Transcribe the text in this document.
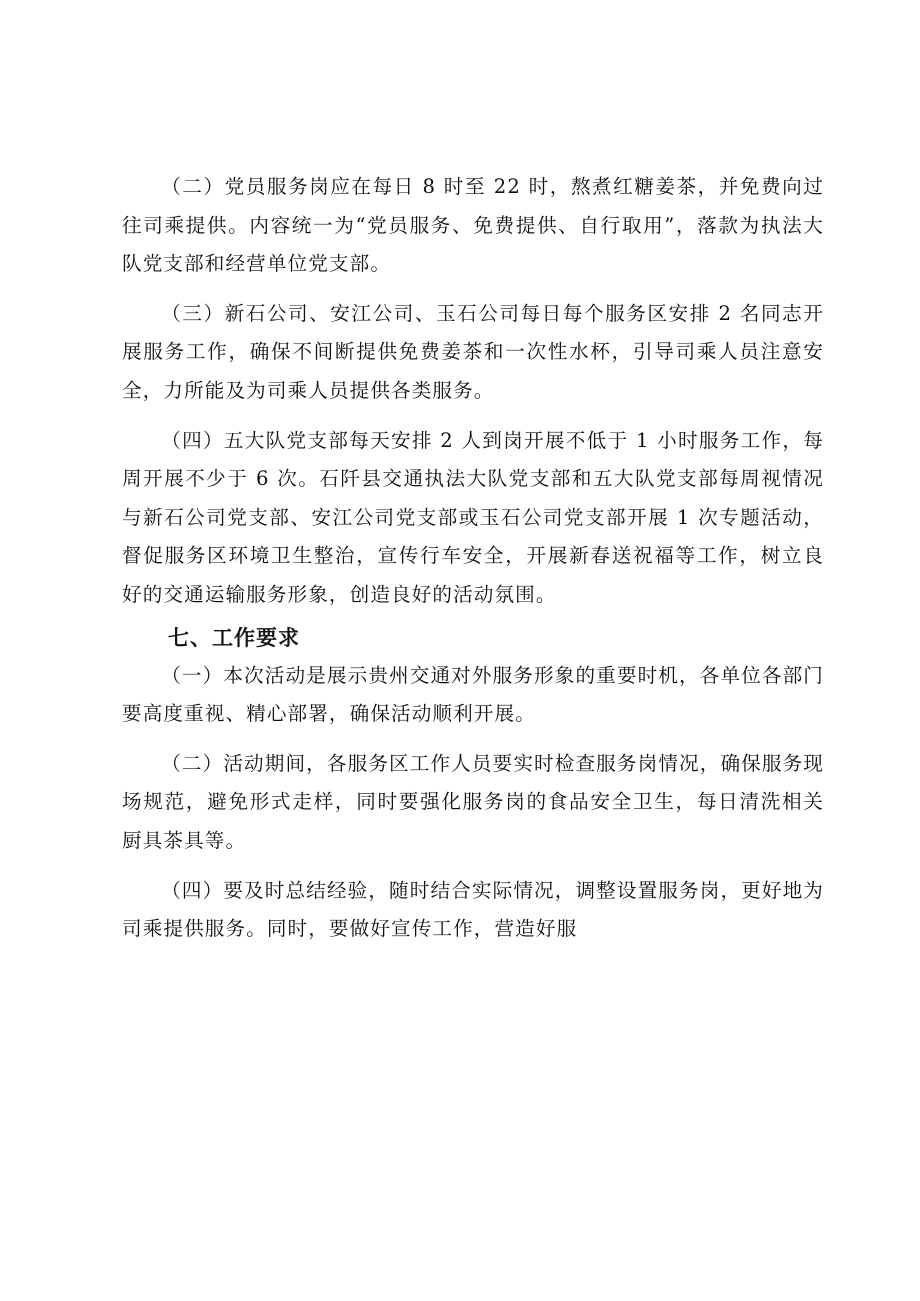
（二）党员服务岗应在每日 8 时至 22 时，熬煮红糖姜茶，并免费向过往司乘提供。内容统一为“党员服务、免费提供、自行取用”，落款为执法大队党支部和经营单位党支部。

（三）新石公司、安江公司、玉石公司每日每个服务区安排 2 名同志开展服务工作，确保不间断提供免费姜茶和一次性水杯，引导司乘人员注意安全，力所能及为司乘人员提供各类服务。

（四）五大队党支部每天安排 2 人到岗开展不低于 1 小时服务工作，每周开展不少于 6 次。石阡县交通执法大队党支部和五大队党支部每周视情况与新石公司党支部、安江公司党支部或玉石公司党支部开展 1 次专题活动，督促服务区环境卫生整治，宣传行车安全，开展新春送祝福等工作，树立良好的交通运输服务形象，创造良好的活动氛围。

七、工作要求

（一）本次活动是展示贵州交通对外服务形象的重要时机，各单位各部门要高度重视、精心部署，确保活动顺利开展。

（二）活动期间，各服务区工作人员要实时检查服务岗情况，确保服务现场规范，避免形式走样，同时要强化服务岗的食品安全卫生，每日清洗相关厨具茶具等。

（四）要及时总结经验，随时结合实际情况，调整设置服务岗，更好地为司乘提供服务。同时，要做好宣传工作，营造好服
